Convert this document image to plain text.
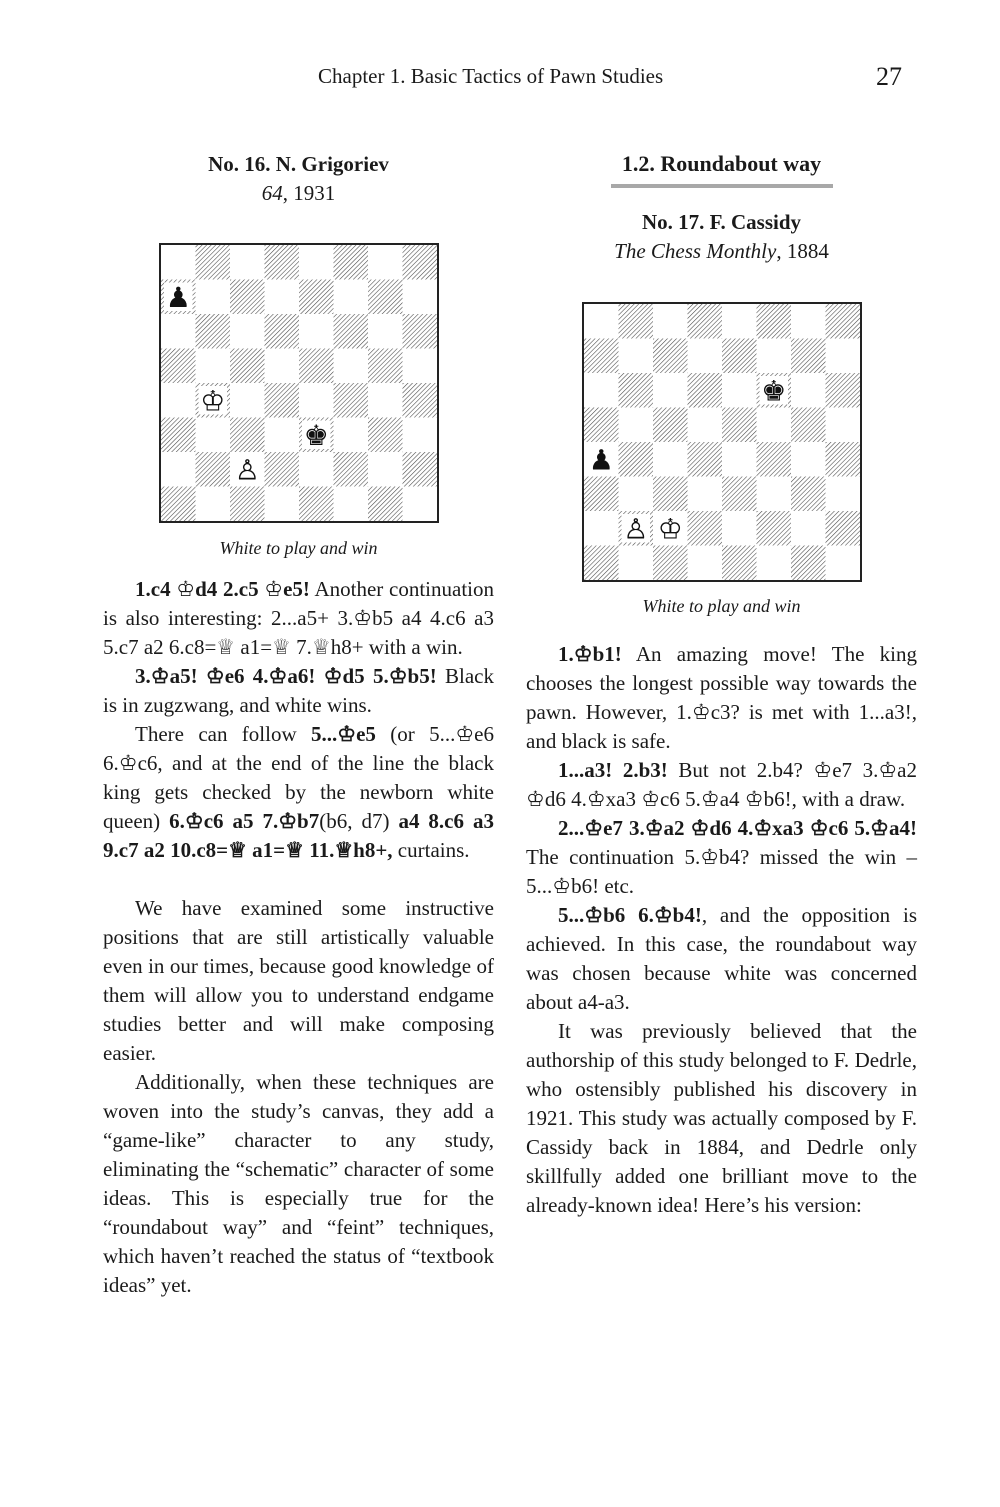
Chapter 1. Basic Tactics of Pawn Studies	27
No. 16. N. Grigoriev
64, 1931
♟
♔
♚
♙
White to play and win

1.c4 ♔d4 2.c5 ♔e5! Another continuation is also interesting: 2...a5+ 3.♔b5 a4 4.c6 a3 5.c7 a2 6.c8=♕ a1=♕ 7.♕h8+ with a win.

3.♔a5! ♔e6 4.♔a6! ♔d5 5.♔b5! Black is in zugzwang, and white wins.

There can follow 5...♔e5 (or 5...♔e6 6.♔c6, and at the end of the line the black king gets checked by the newborn white queen) 6.♔c6 a5 7.♔b7(b6, d7) a4 8.c6 a3 9.c7 a2 10.c8=♕ a1=♕ 11.♕h8+, curtains.

We have examined some instructive positions that are still artistically valuable even in our times, because good knowledge of them will allow you to understand endgame studies better and will make composing easier.

Additionally, when these techniques are woven into the study’s canvas, they add a “game-like” character to any study, eliminating the “schematic” character of some ideas. This is especially true for the “roundabout way” and “feint” techniques, which haven’t reached the status of “textbook ideas” yet.

1.2. Roundabout way
No. 17. F. Cassidy
The Chess Monthly, 1884
♚
♟
♙ ♔
White to play and win

1.♔b1! An amazing move! The king chooses the longest possible way towards the pawn. However, 1.♔c3? is met with 1...a3!, and black is safe.

1...a3! 2.b3! But not 2.b4? ♔e7 3.♔a2 ♔d6 4.♔xa3 ♔c6 5.♔a4 ♔b6!, with a draw.

2...♔e7 3.♔a2 ♔d6 4.♔xa3 ♔c6 5.♔a4! The continuation 5.♔b4? missed the win – 5...♔b6! etc.

5...♔b6 6.♔b4!, and the opposition is achieved. In this case, the roundabout way was chosen because white was concerned about a4-a3.

It was previously believed that the authorship of this study belonged to F. Dedrle, who ostensibly published his discovery in 1921. This study was actually composed by F. Cassidy back in 1884, and Dedrle only skillfully added one brilliant move to the already-known idea! Here’s his version:
